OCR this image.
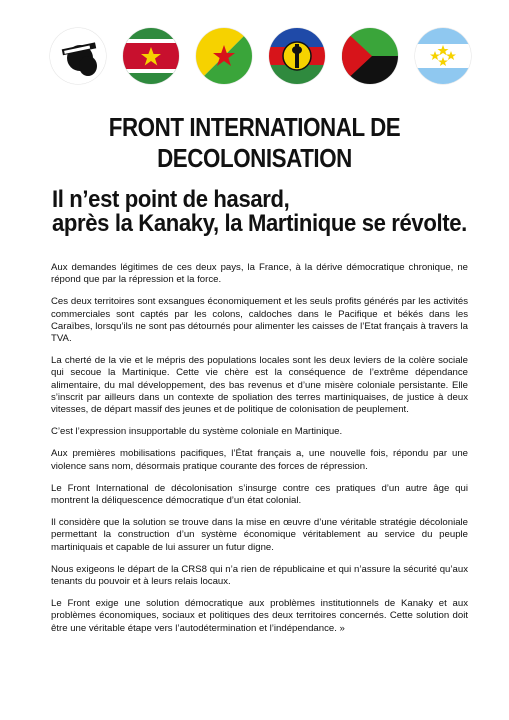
FRONT INTERNATIONAL DE DECOLONISATION
Il n’est point de hasard,
après la Kanaky, la Martinique se révolte.

Aux demandes légitimes de ces deux pays, la France, à la dérive démocratique chronique, ne répond que par la répression et la force.

Ces deux territoires sont exsangues économiquement et les seuls profits générés par les activités commerciales sont captés par les colons, caldoches dans le Pacifique et békés dans les Caraïbes, lorsqu’ils ne sont pas détournés pour alimenter les caisses de l’Etat français à travers la TVA.

La cherté de la vie et le mépris des populations locales sont les deux leviers de la colère sociale qui secoue la Martinique. Cette vie chère est la conséquence de l’extrême dépendance alimentaire, du mal développement, des bas revenus et d’une misère coloniale persistante. Elle s’inscrit par ailleurs dans un contexte de spoliation des terres martiniquaises, de justice à deux vitesses, de départ massif des jeunes et de politique de colonisation de peuplement.

C’est l’expression insupportable du système coloniale en Martinique.

Aux premières mobilisations pacifiques, l’État français a, une nouvelle fois, répondu par une violence sans nom, désormais pratique courante des forces de répression.

Le Front International de décolonisation s’insurge contre ces pratiques d’un autre âge qui montrent la déliquescence démocratique d’un état colonial.

Il considère que la solution se trouve dans la mise en œuvre d’une véritable stratégie décoloniale permettant la construction d’un système économique véritablement au service du peuple martiniquais et capable de lui assurer un futur digne.

Nous exigeons le départ de la CRS8 qui n’a rien de républicaine et qui n’assure la sécurité qu’aux tenants du pouvoir et à leurs relais locaux.

Le Front exige une solution démocratique aux problèmes institutionnels de Kanaky et aux problèmes économiques, sociaux et politiques des deux territoires concernés. Cette solution doit être une véritable étape vers l’autodétermination et l’indépendance. »
